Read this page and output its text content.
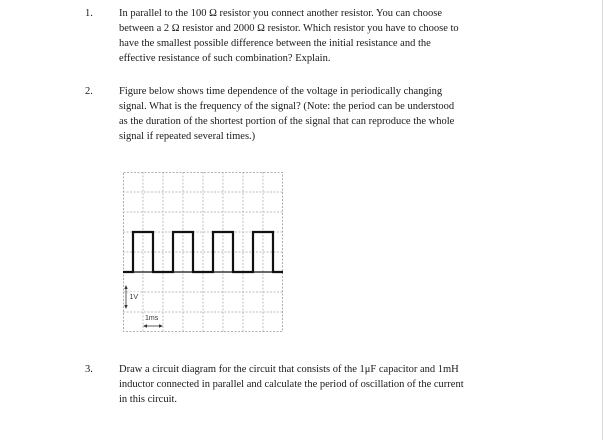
1. In parallel to the 100 Ω resistor you connect another resistor. You can choose

between a 2 Ω resistor and 2000 Ω resistor. Which resistor you have to choose to

have the smallest possible difference between the initial resistance and the

effective resistance of such combination? Explain.

2. Figure below shows time dependence of the voltage in periodically changing

signal. What is the frequency of the signal? (Note: the period can be understood

as the duration of the shortest portion of the signal that can reproduce the whole

signal if repeated several times.)

1V
1ms
3. Draw a circuit diagram for the circuit that consists of the 1μF capacitor and 1mH

inductor connected in parallel and calculate the period of oscillation of the current

in this circuit.
